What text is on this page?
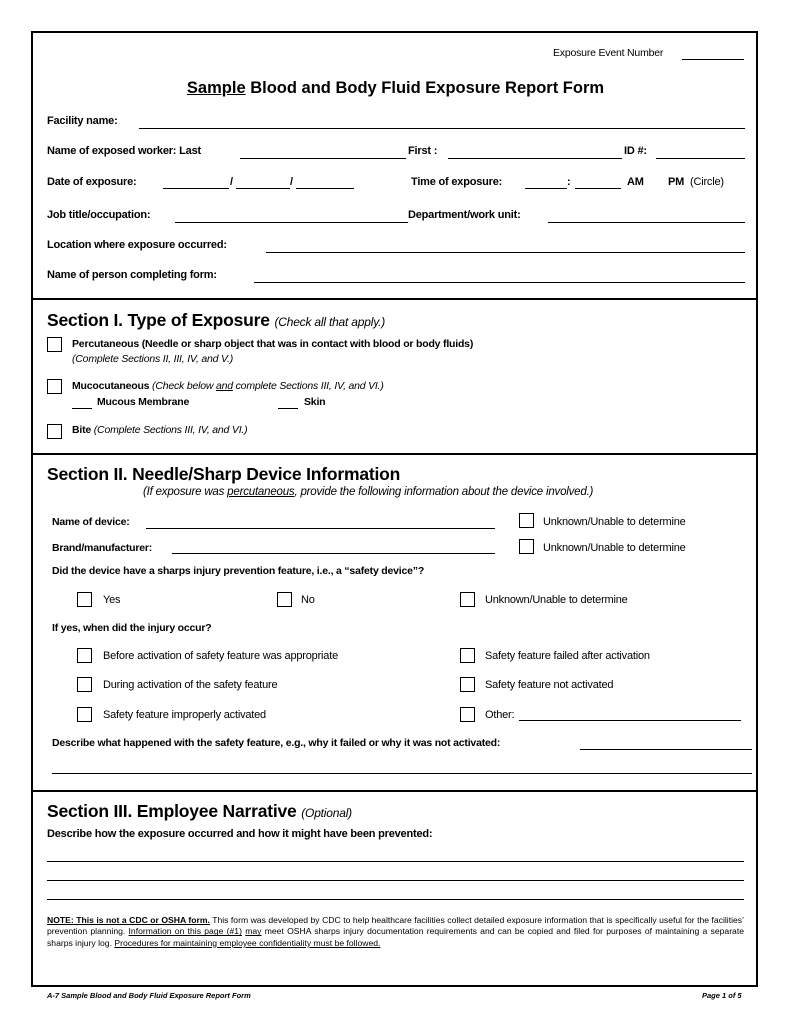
Exposure Event Number
Sample Blood and Body Fluid Exposure Report Form
Facility name:
Name of exposed worker: Last	First :	ID #:
Date of exposure:	/	/	Time of exposure:	:	AM PM (Circle)
Job title/occupation:	Department/work unit:
Location where exposure occurred:
Name of person completing form:
Section I. Type of Exposure (Check all that apply.)
Percutaneous (Needle or sharp object that was in contact with blood or body fluids)
(Complete Sections II, III, IV, and V.)
Mucocutaneous (Check below and complete Sections III, IV, and VI.)
Mucous Membrane	Skin
Bite (Complete Sections III, IV, and VI.)
Section II. Needle/Sharp Device Information
(If exposure was percutaneous, provide the following information about the device involved.)
Name of device:	Unknown/Unable to determine
Brand/manufacturer:	Unknown/Unable to determine
Did the device have a sharps injury prevention feature, i.e., a “safety device”?
Yes	No	Unknown/Unable to determine
If yes, when did the injury occur?
Before activation of safety feature was appropriate	Safety feature failed after activation
During activation of the safety feature	Safety feature not activated
Safety feature improperly activated	Other:
Describe what happened with the safety feature, e.g., why it failed or why it was not activated:
Section III. Employee Narrative (Optional)
Describe how the exposure occurred and how it might have been prevented:
NOTE: This is not a CDC or OSHA form. This form was developed by CDC to help healthcare facilities collect detailed exposure information that is specifically useful for the facilities’ prevention planning. Information on this page (#1) may meet OSHA sharps injury documentation requirements and can be copied and filed for purposes of maintaining a separate sharps injury log. Procedures for maintaining employee confidentiality must be followed.
A-7 Sample Blood and Body Fluid Exposure Report Form	Page 1 of 5
